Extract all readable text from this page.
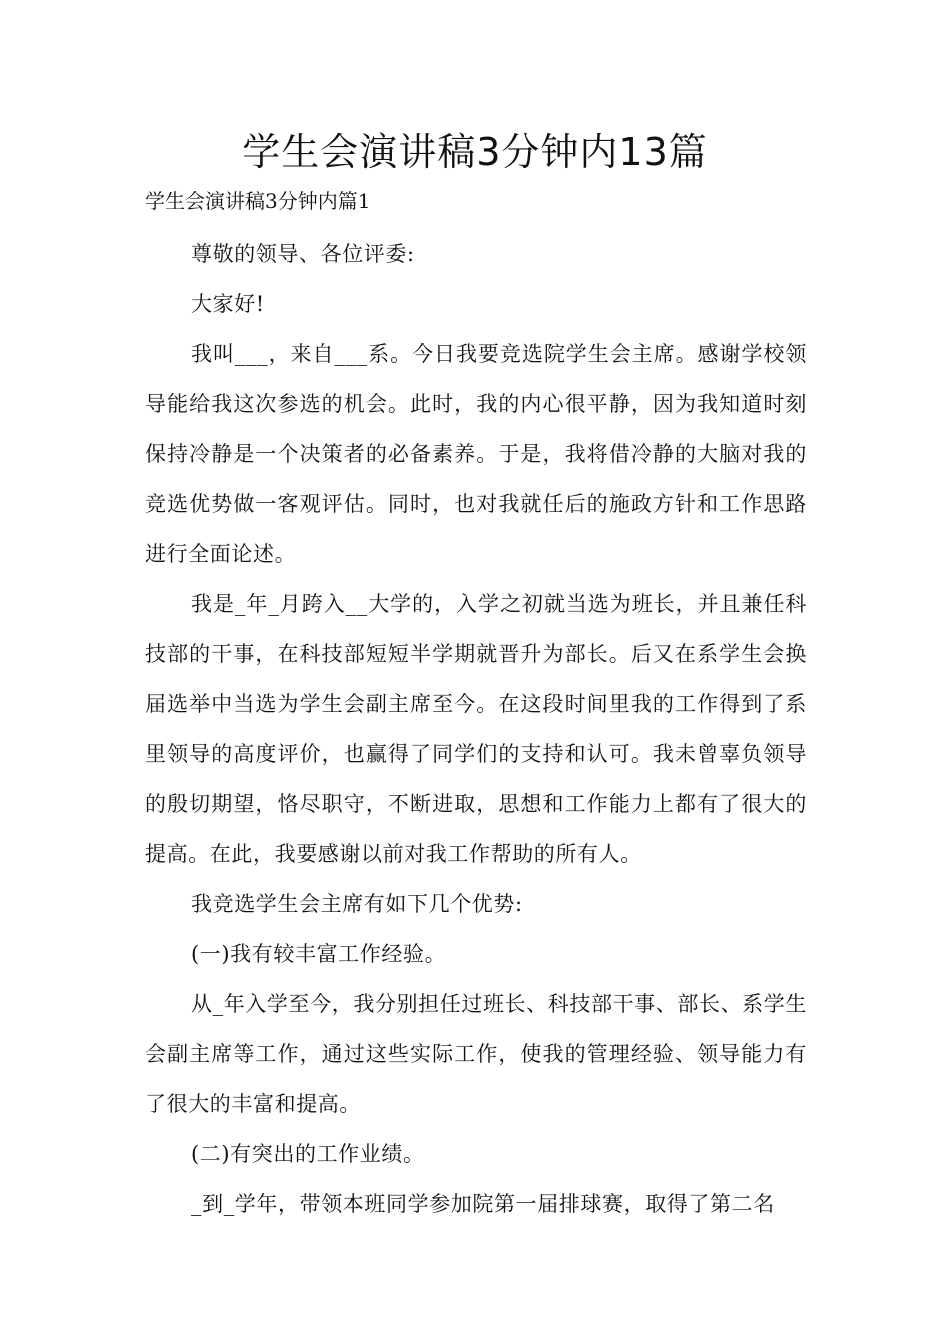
学生会演讲稿3分钟内13篇

学生会演讲稿3分钟内篇1

尊敬的领导、各位评委:

大家好!

我叫___，来自___系。今日我要竞选院学生会主席。感谢学校领导能给我这次参选的机会。此时，我的内心很平静，因为我知道时刻保持冷静是一个决策者的必备素养。于是，我将借冷静的大脑对我的竞选优势做一客观评估。同时，也对我就任后的施政方针和工作思路进行全面论述。

我是_年_月跨入__大学的，入学之初就当选为班长，并且兼任科技部的干事，在科技部短短半学期就晋升为部长。后又在系学生会换届选举中当选为学生会副主席至今。在这段时间里我的工作得到了系里领导的高度评价，也赢得了同学们的支持和认可。我未曾辜负领导的殷切期望，恪尽职守，不断进取，思想和工作能力上都有了很大的提高。在此，我要感谢以前对我工作帮助的所有人。

我竞选学生会主席有如下几个优势:

(一)我有较丰富工作经验。

从_年入学至今，我分别担任过班长、科技部干事、部长、系学生会副主席等工作，通过这些实际工作，使我的管理经验、领导能力有了很大的丰富和提高。

(二)有突出的工作业绩。

_到_学年，带领本班同学参加院第一届排球赛，取得了第二名
